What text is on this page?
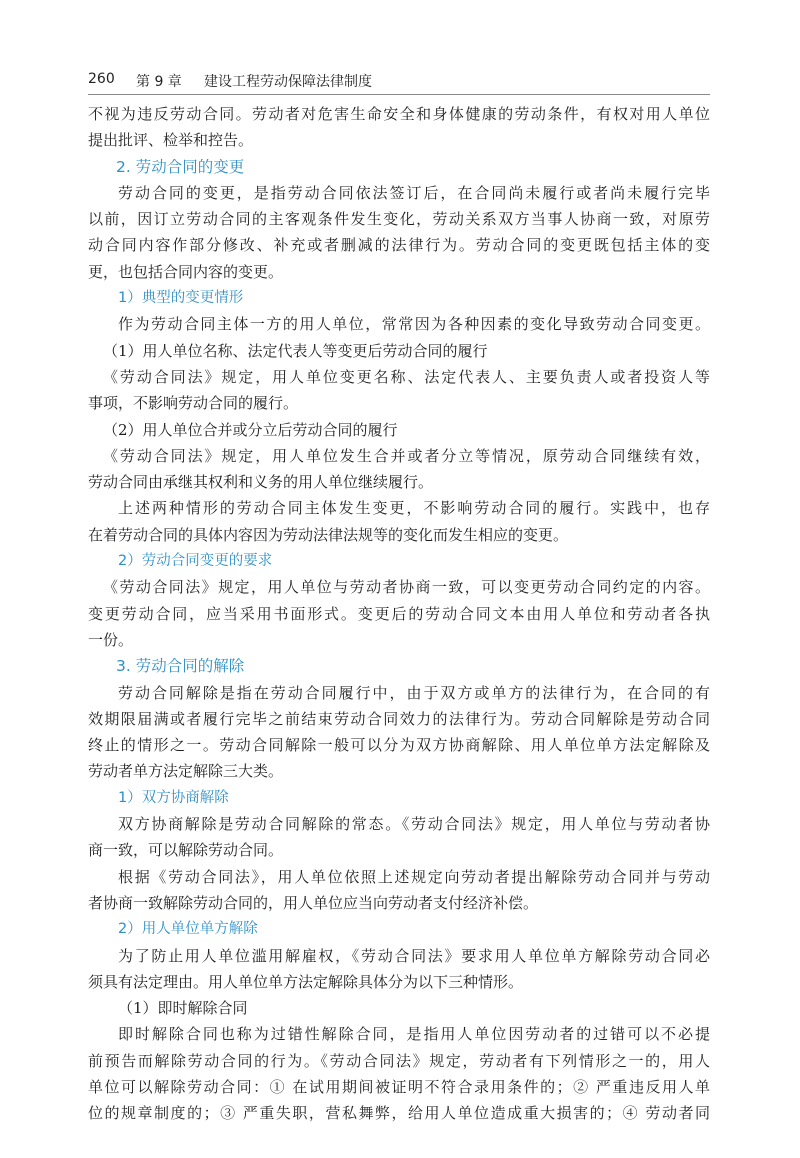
260 第 9 章 建设工程劳动保障法律制度
不视为违反劳动合同。劳动者对危害生命安全和身体健康的劳动条件，有权对用人单位
提出批评、检举和控告。
2. 劳动合同的变更
劳动合同的变更，是指劳动合同依法签订后，在合同尚未履行或者尚未履行完毕
以前，因订立劳动合同的主客观条件发生变化，劳动关系双方当事人协商一致，对原劳
动合同内容作部分修改、补充或者删减的法律行为。劳动合同的变更既包括主体的变
更，也包括合同内容的变更。
1）典型的变更情形
作为劳动合同主体一方的用人单位，常常因为各种因素的变化导致劳动合同变更。
（1）用人单位名称、法定代表人等变更后劳动合同的履行
《劳动合同法》规定，用人单位变更名称、法定代表人、主要负责人或者投资人等
事项，不影响劳动合同的履行。
（2）用人单位合并或分立后劳动合同的履行
《劳动合同法》规定，用人单位发生合并或者分立等情况，原劳动合同继续有效，
劳动合同由承继其权利和义务的用人单位继续履行。
上述两种情形的劳动合同主体发生变更，不影响劳动合同的履行。实践中，也存
在着劳动合同的具体内容因为劳动法律法规等的变化而发生相应的变更。
2）劳动合同变更的要求
《劳动合同法》规定，用人单位与劳动者协商一致，可以变更劳动合同约定的内容。
变更劳动合同，应当采用书面形式。变更后的劳动合同文本由用人单位和劳动者各执
一份。
3. 劳动合同的解除
劳动合同解除是指在劳动合同履行中，由于双方或单方的法律行为，在合同的有
效期限届满或者履行完毕之前结束劳动合同效力的法律行为。劳动合同解除是劳动合同
终止的情形之一。劳动合同解除一般可以分为双方协商解除、用人单位单方法定解除及
劳动者单方法定解除三大类。
1）双方协商解除
双方协商解除是劳动合同解除的常态。《劳动合同法》规定，用人单位与劳动者协
商一致，可以解除劳动合同。
根据《劳动合同法》，用人单位依照上述规定向劳动者提出解除劳动合同并与劳动
者协商一致解除劳动合同的，用人单位应当向劳动者支付经济补偿。
2）用人单位单方解除
为了防止用人单位滥用解雇权，《劳动合同法》要求用人单位单方解除劳动合同必
须具有法定理由。用人单位单方法定解除具体分为以下三种情形。
（1）即时解除合同
即时解除合同也称为过错性解除合同，是指用人单位因劳动者的过错可以不必提
前预告而解除劳动合同的行为。《劳动合同法》规定，劳动者有下列情形之一的，用人
单位可以解除劳动合同：① 在试用期间被证明不符合录用条件的；② 严重违反用人单
位的规章制度的；③ 严重失职，营私舞弊，给用人单位造成重大损害的；④ 劳动者同
